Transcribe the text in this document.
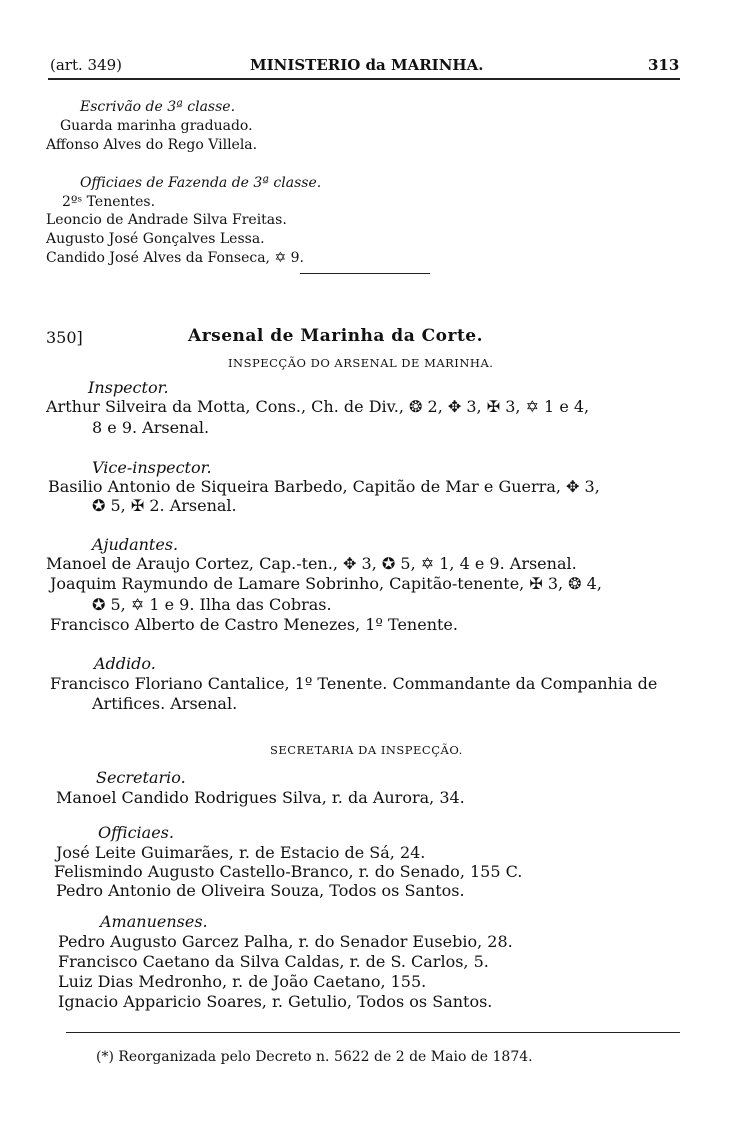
(art. 349)	MINISTERIO da MARINHA.	313
Escrivão de 3ª classe.
Guarda marinha graduado.
Affonso Alves do Rego Villela.
Officiaes de Fazenda de 3ª classe.
2ºˢ Tenentes.
Leoncio de Andrade Silva Freitas.
Augusto José Gonçalves Lessa.
Candido José Alves da Fonseca, ✡ 9.
350]	Arsenal de Marinha da Corte.
INSPECÇÃO DO ARSENAL DE MARINHA.
Inspector.
Arthur Silveira da Motta, Cons., Ch. de Div., ❂ 2, ✥ 3, ✠ 3, ✡ 1 e 4,
8 e 9. Arsenal.
Vice-inspector.
Basilio Antonio de Siqueira Barbedo, Capitão de Mar e Guerra, ✥ 3,
✪ 5, ✠ 2. Arsenal.
Ajudantes.
Manoel de Araujo Cortez, Cap.-ten., ✥ 3, ✪ 5, ✡ 1, 4 e 9. Arsenal.
Joaquim Raymundo de Lamare Sobrinho, Capitão-tenente, ✠ 3, ❂ 4,
✪ 5, ✡ 1 e 9. Ilha das Cobras.
Francisco Alberto de Castro Menezes, 1º Tenente.
Addido.
Francisco Floriano Cantalice, 1º Tenente. Commandante da Companhia de
Artifices. Arsenal.
SECRETARIA DA INSPECÇÃO.
Secretario.
Manoel Candido Rodrigues Silva, r. da Aurora, 34.
Officiaes.
José Leite Guimarães, r. de Estacio de Sá, 24.
Felismindo Augusto Castello-Branco, r. do Senado, 155 C.
Pedro Antonio de Oliveira Souza, Todos os Santos.
Amanuenses.
Pedro Augusto Garcez Palha, r. do Senador Eusebio, 28.
Francisco Caetano da Silva Caldas, r. de S. Carlos, 5.
Luiz Dias Medronho, r. de João Caetano, 155.
Ignacio Apparicio Soares, r. Getulio, Todos os Santos.
(*) Reorganizada pelo Decreto n. 5622 de 2 de Maio de 1874.
